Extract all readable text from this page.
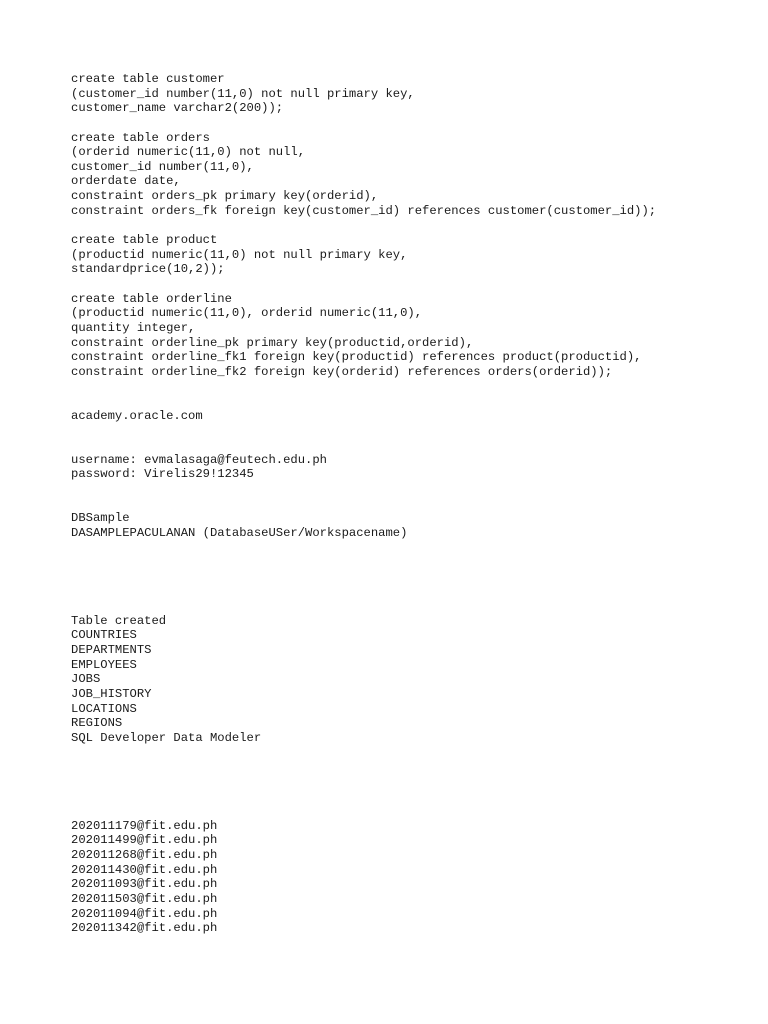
create table customer
(customer_id number(11,0) not null primary key,
customer_name varchar2(200));
create table orders
(orderid numeric(11,0) not null,
customer_id number(11,0),
orderdate date,
constraint orders_pk primary key(orderid),
constraint orders_fk foreign key(customer_id) references customer(customer_id));
create table product
(productid numeric(11,0) not null primary key,
standardprice(10,2));
create table orderline
(productid numeric(11,0), orderid numeric(11,0),
quantity integer,
constraint orderline_pk primary key(productid,orderid),
constraint orderline_fk1 foreign key(productid) references product(productid),
constraint orderline_fk2 foreign key(orderid) references orders(orderid));
academy.oracle.com
username: evmalasaga@feutech.edu.ph
password: Virelis29!12345
DBSample
DASAMPLEPACULANAN (DatabaseUSer/Workspacename)
Table created
COUNTRIES
DEPARTMENTS
EMPLOYEES
JOBS
JOB_HISTORY
LOCATIONS
REGIONS
SQL Developer Data Modeler
202011179@fit.edu.ph
202011499@fit.edu.ph
202011268@fit.edu.ph
202011430@fit.edu.ph
202011093@fit.edu.ph
202011503@fit.edu.ph
202011094@fit.edu.ph
202011342@fit.edu.ph
